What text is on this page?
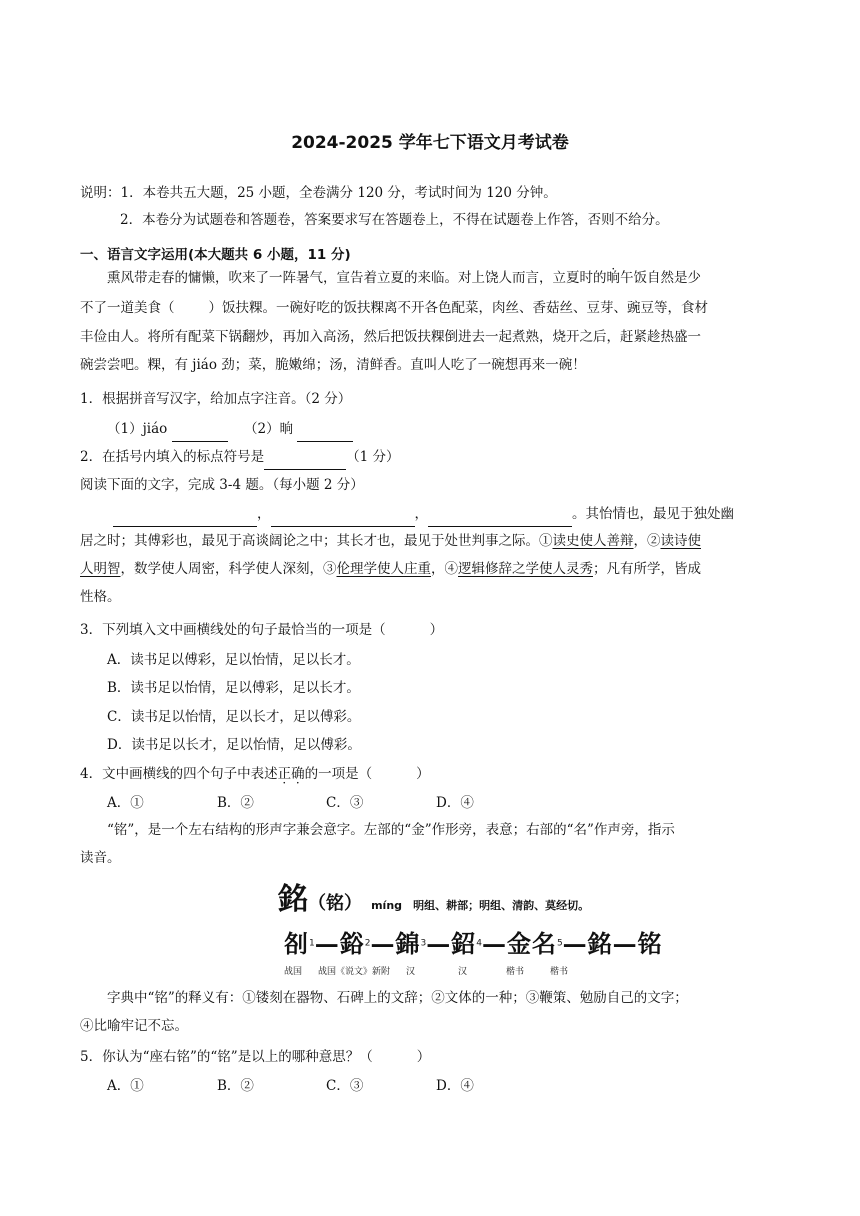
2024-2025 学年七下语文月考试卷
说明：1．本卷共五大题，25 小题，全卷满分 120 分，考试时间为 120 分钟。
2．本卷分为试题卷和答题卷，答案要求写在答题卷上，不得在试题卷上作答，否则不给分。
一、语言文字运用(本大题共 6 小题，11 分)
熏风带走春的慵懒，吹来了一阵暑气，宣告着立夏的来临。对上饶人而言，立夏时的晌午饭自然是少
不了一道美食（	）饭扶粿。一碗好吃的饭扶粿离不开各色配菜，肉丝、香菇丝、豆芽、豌豆等，食材
丰俭由人。将所有配菜下锅翻炒，再加入高汤，然后把饭扶粿倒进去一起煮熟，烧开之后，赶紧趁热盛一
碗尝尝吧。粿，有 jiáo 劲；菜，脆嫩绵；汤，清鲜香。直叫人吃了一碗想再来一碗！
1．根据拼音写汉字，给加点字注音。（2 分）
（1）jiáo	（2）晌
2．在括号内填入的标点符号是	（1 分）
阅读下面的文字，完成 3-4 题。（每小题 2 分）
，	，	。其怡情也，最见于独处幽
居之时；其傅彩也，最见于高谈阔论之中；其长才也，最见于处世判事之际。①读史使人善辩，②读诗使
人明智，数学使人周密，科学使人深刻，③伦理学使人庄重，④逻辑修辞之学使人灵秀；凡有所学，皆成
性格。
3．下列填入文中画横线处的句子最恰当的一项是（	）
A．读书足以傅彩，足以怡情，足以长才。
B．读书足以怡情，足以傅彩，足以长才。
C．读书足以怡情，足以长才，足以傅彩。
D．读书足以长才，足以怡情，足以傅彩。
4．文中画横线的四个句子中表述正确的一项是（	）
A．①	B．②	C．③	D．④
“铭”，是一个左右结构的形声字兼会意字。左部的“金”作形旁，表意；右部的“名”作声旁，指示
读音。
銘（铭） míng 明组、耕部；明组、清韵、莫经切。
㓢$^1$—鋊$^2$—錦$^3$—鉊$^4$—金名$^5$—銘—铭
战国 战国《说文》新附 汉	汉	楷书	楷书
字典中“铭”的释义有：①镂刻在器物、石碑上的文辞；②文体的一种；③鞭策、勉励自己的文字；
④比喻牢记不忘。
5．你认为“座右铭”的“铭”是以上的哪种意思？（	）
A．①	B．②	C．③	D．④
